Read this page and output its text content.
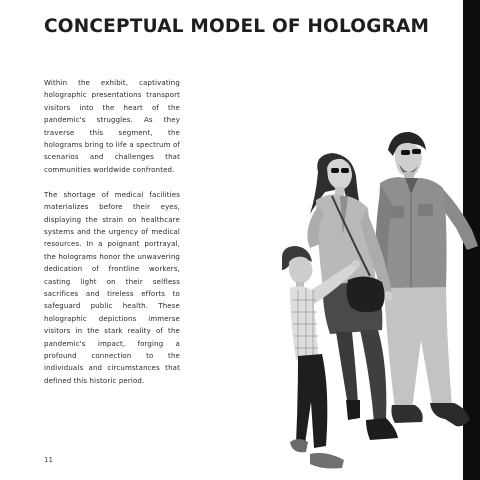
CONCEPTUAL MODEL OF HOLOGRAM

Within the exhibit, captivating holographic presentations transport visitors into the heart of the pandemic's struggles. As they traverse this segment, the holograms bring to life a spectrum of scenarios and challenges that communities worldwide confronted.

The shortage of medical facilities materializes before their eyes, displaying the strain on healthcare systems and the urgency of medical resources. In a poignant portrayal, the holograms honor the unwavering dedication of frontline workers, casting light on their selfless sacrifices and tireless efforts to safeguard public health. These holographic depictions immerse visitors in the stark reality of the pandemic's impact, forging a profound connection to the individuals and circumstances that defined this historic period.

11
